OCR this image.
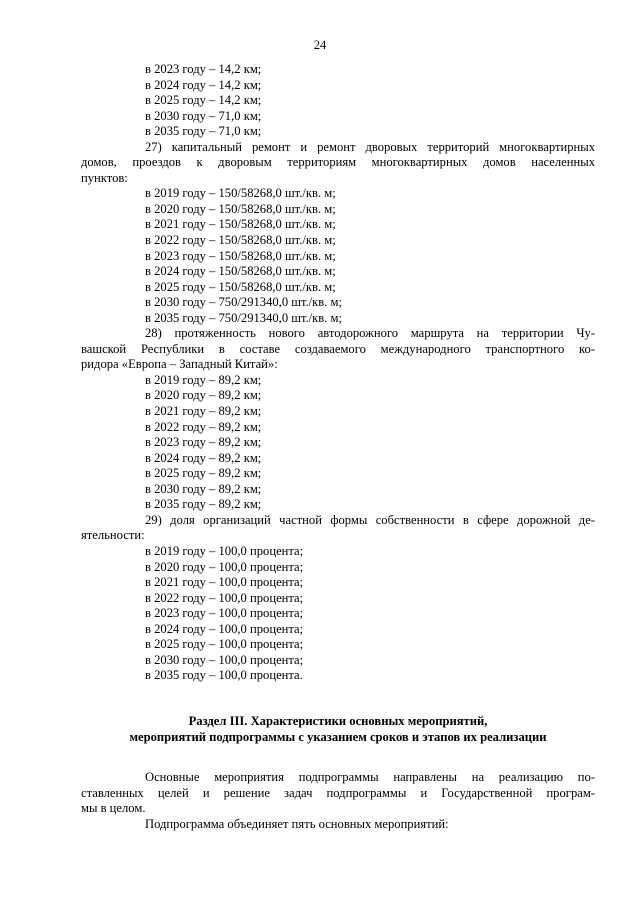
24
в 2023 году – 14,2 км;
в 2024 году – 14,2 км;
в 2025 году – 14,2 км;
в 2030 году – 71,0 км;
в 2035 году – 71,0 км;
27) капитальный ремонт и ремонт дворовых территорий многоквартирных
домов, проездов к дворовым территориям многоквартирных домов населенных
пунктов:
в 2019 году – 150/58268,0 шт./кв. м;
в 2020 году – 150/58268,0 шт./кв. м;
в 2021 году – 150/58268,0 шт./кв. м;
в 2022 году – 150/58268,0 шт./кв. м;
в 2023 году – 150/58268,0 шт./кв. м;
в 2024 году – 150/58268,0 шт./кв. м;
в 2025 году – 150/58268,0 шт./кв. м;
в 2030 году – 750/291340,0 шт./кв. м;
в 2035 году – 750/291340,0 шт./кв. м;
28) протяженность нового автодорожного маршрута на территории Чу-
вашской Республики в составе создаваемого международного транспортного ко-
ридора «Европа – Западный Китай»:
в 2019 году – 89,2 км;
в 2020 году – 89,2 км;
в 2021 году – 89,2 км;
в 2022 году – 89,2 км;
в 2023 году – 89,2 км;
в 2024 году – 89,2 км;
в 2025 году – 89,2 км;
в 2030 году – 89,2 км;
в 2035 году – 89,2 км;
29) доля организаций частной формы собственности в сфере дорожной де-
ятельности:
в 2019 году – 100,0 процента;
в 2020 году – 100,0 процента;
в 2021 году – 100,0 процента;
в 2022 году – 100,0 процента;
в 2023 году – 100,0 процента;
в 2024 году – 100,0 процента;
в 2025 году – 100,0 процента;
в 2030 году – 100,0 процента;
в 2035 году – 100,0 процента.
Раздел III. Характеристики основных мероприятий,
мероприятий подпрограммы с указанием сроков и этапов их реализации
Основные мероприятия подпрограммы направлены на реализацию по-
ставленных целей и решение задач подпрограммы и Государственной програм-
мы в целом.
Подпрограмма объединяет пять основных мероприятий:
